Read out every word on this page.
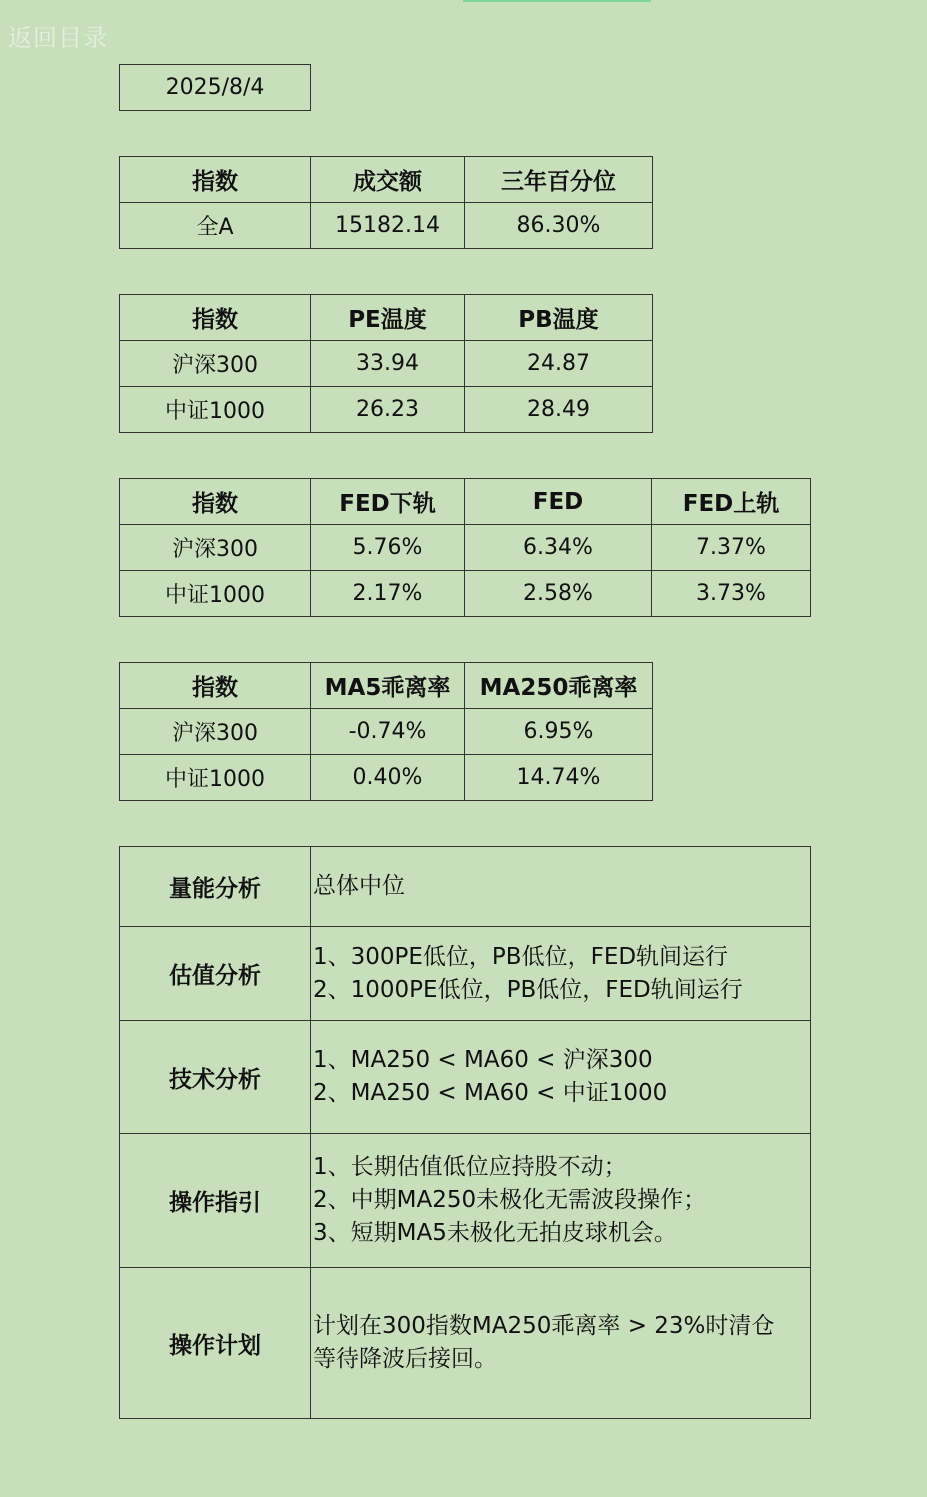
返回目录
2025/8/4
指数	成交额	三年百分位
全A	15182.14	86.30%
指数	PE温度	PB温度
沪深300	33.94	24.87
中证1000	26.23	28.49
指数	FED下轨	FED	FED上轨
沪深300	5.76%	6.34%	7.37%
中证1000	2.17%	2.58%	3.73%
指数	MA5乖离率	MA250乖离率
沪深300	-0.74%	6.95%
中证1000	0.40%	14.74%
量能分析	总体中位

估值分析	1、300PE低位，PB低位，FED轨间运行
2、1000PE低位，PB低位，FED轨间运行

技术分析	1、MA250 < MA60 < 沪深300
2、MA250 < MA60 < 中证1000

操作指引	1、长期估值低位应持股不动；
2、中期MA250未极化无需波段操作；
3、短期MA5未极化无拍皮球机会。

操作计划	计划在300指数MA250乖离率 > 23%时清仓
等待降波后接回。
